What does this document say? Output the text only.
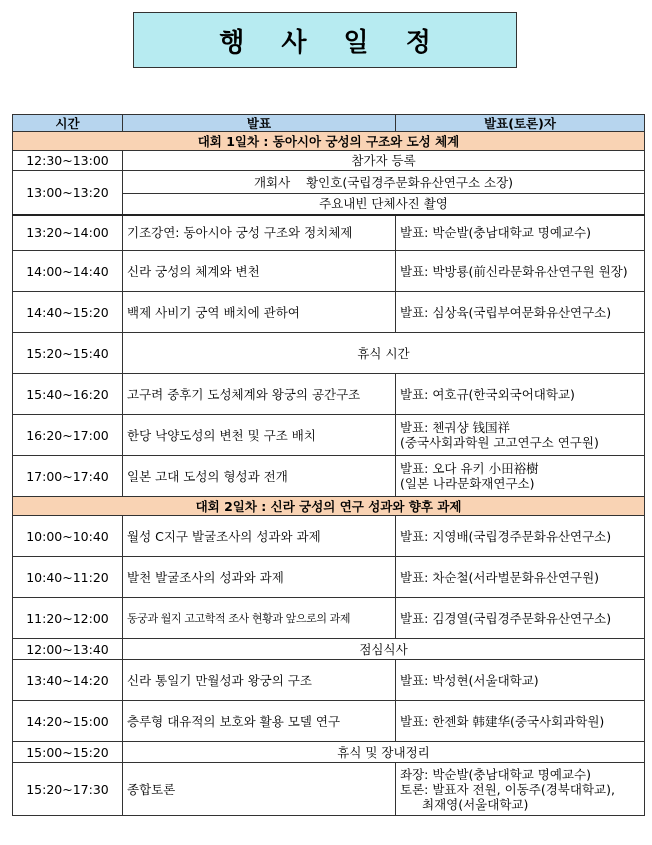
행 사 일 정
시간	발표	발표(토론)자
대회 1일차 : 동아시아 궁성의 구조와 도성 체계		
12:30~13:00	참가자 등록	
13:00~13:20	개회사    황인호(국립경주문화유산연구소 소장)	
	주요내빈 단체사진 촬영	
13:20~14:00	기조강연: 동아시아 궁성 구조와 정치체제	발표: 박순발(충남대학교 명예교수)
14:00~14:40	신라 궁성의 체계와 변천	발표: 박방룡(前신라문화유산연구원 원장)
14:40~15:20	백제 사비기 궁역 배치에 관하여	발표: 심상육(국립부여문화유산연구소)
15:20~15:40	휴식 시간	
15:40~16:20	고구려 중후기 도성체계와 왕궁의 공간구조	발표: 여호규(한국외국어대학교)
16:20~17:00	한당 낙양도성의 변천 및 구조 배치	발표: 첸궈샹 钱国祥
(중국사회과학원 고고연구소 연구원)

17:00~17:40	일본 고대 도성의 형성과 전개	발표: 오다 유키 小田裕樹
(일본 나라문화재연구소)

대회 2일차 : 신라 궁성의 연구 성과와 향후 과제		
10:00~10:40	월성 C지구 발굴조사의 성과와 과제	발표: 지영배(국립경주문화유산연구소)
10:40~11:20	발천 발굴조사의 성과와 과제	발표: 차순철(서라벌문화유산연구원)
11:20~12:00	동궁과 월지 고고학적 조사 현황과 앞으로의 과제	발표: 김경열(국립경주문화유산연구소)
12:00~13:40	점심식사	
13:40~14:20	신라 통일기 만월성과 왕궁의 구조	발표: 박성현(서울대학교)
14:20~15:00	층루형 대유적의 보호와 활용 모델 연구	발표: 한젠화 韩建华(중국사회과학원)
15:00~15:20	휴식 및 장내정리	
15:20~17:30	종합토론	좌장: 박순발(충남대학교 명예교수)
토론: 발표자 전원, 이동주(경북대학교),
최재영(서울대학교)
